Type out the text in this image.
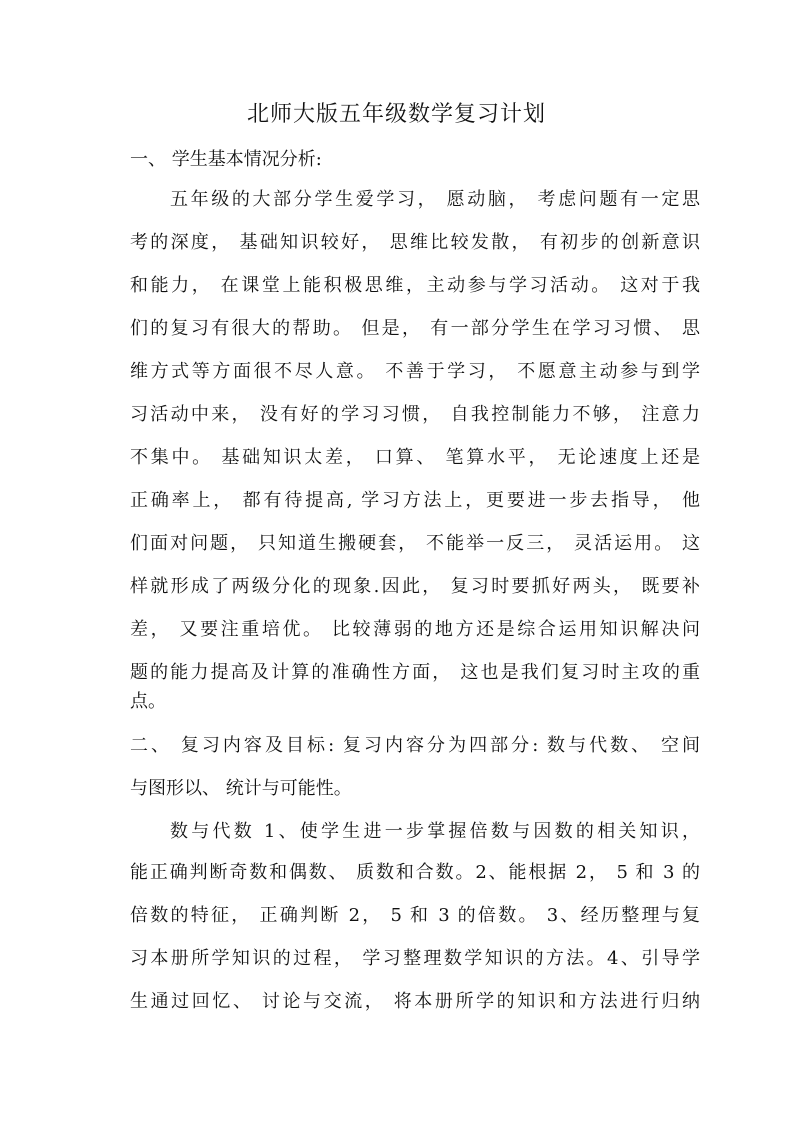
北师大版五年级数学复习计划
一、 学生基本情况分析:
五年级的大部分学生爱学习， 愿动脑， 考虑问题有一定思
考的深度， 基础知识较好， 思维比较发散， 有初步的创新意识
和能力， 在课堂上能积极思维，主动参与学习活动。 这对于我
们的复习有很大的帮助。 但是， 有一部分学生在学习习惯、 思
维方式等方面很不尽人意。 不善于学习， 不愿意主动参与到学
习活动中来， 没有好的学习习惯， 自我控制能力不够， 注意力
不集中。 基础知识太差， 口算、 笔算水平， 无论速度上还是
正确率上， 都有待提高, 学习方法上，更要进一步去指导， 他
们面对问题， 只知道生搬硬套， 不能举一反三， 灵活运用。 这
样就形成了两级分化的现象.因此， 复习时要抓好两头， 既要补
差， 又要注重培优。 比较薄弱的地方还是综合运用知识解决问
题的能力提高及计算的准确性方面， 这也是我们复习时主攻的重
点。
二、 复习内容及目标: 复习内容分为四部分: 数与代数、 空间
与图形以、 统计与可能性。
数与代数 1、使学生进一步掌握倍数与因数的相关知识，
能正确判断奇数和偶数、 质数和合数。2、能根据 2， 5 和 3 的
倍数的特征， 正确判断 2， 5 和 3 的倍数。 3、经历整理与复
习本册所学知识的过程， 学习整理数学知识的方法。4、引导学
生通过回忆、 讨论与交流， 将本册所学的知识和方法进行归纳
